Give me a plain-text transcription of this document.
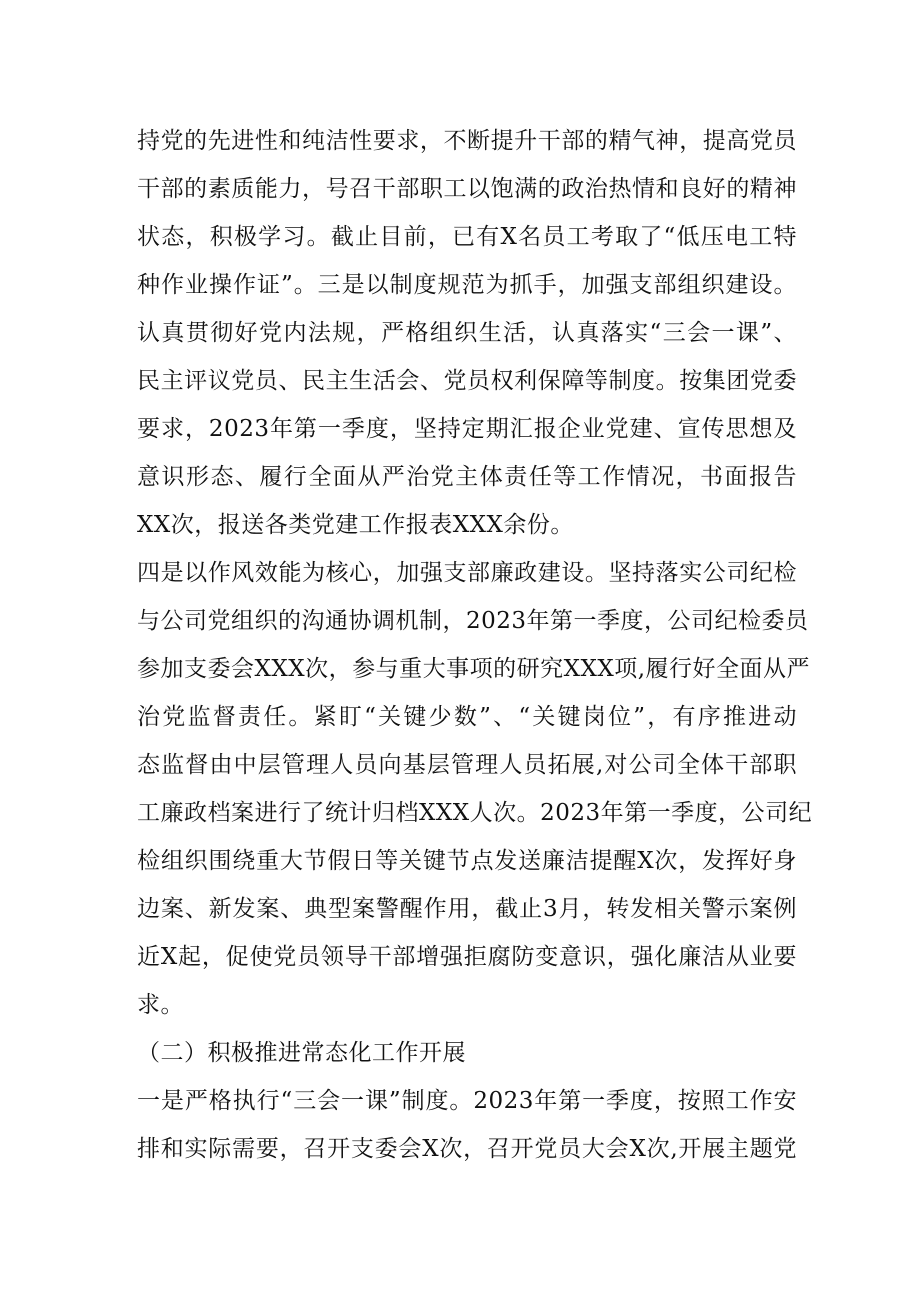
持党的先进性和纯洁性要求，不断提升干部的精气神，提高党员
干部的素质能力，号召干部职工以饱满的政治热情和良好的精神
状态，积极学习。截止目前，已有X名员工考取了“低压电工特
种作业操作证”。三是以制度规范为抓手，加强支部组织建设。
认真贯彻好党内法规，严格组织生活，认真落实“三会一课”、
民主评议党员、民主生活会、党员权利保障等制度。按集团党委
要求，2023年第一季度，坚持定期汇报企业党建、宣传思想及
意识形态、履行全面从严治党主体责任等工作情况，书面报告
XX次，报送各类党建工作报表XXX余份。
四是以作风效能为核心，加强支部廉政建设。坚持落实公司纪检
与公司党组织的沟通协调机制，2023年第一季度，公司纪检委员
参加支委会XXX次，参与重大事项的研究XXX项,履行好全面从严
治党监督责任。紧盯“关键少数”、“关键岗位”，有序推进动
态监督由中层管理人员向基层管理人员拓展,对公司全体干部职
工廉政档案进行了统计归档XXX人次。2023年第一季度，公司纪
检组织围绕重大节假日等关键节点发送廉洁提醒X次，发挥好身
边案、新发案、典型案警醒作用，截止3月，转发相关警示案例
近X起，促使党员领导干部增强拒腐防变意识，强化廉洁从业要
求。
（二）积极推进常态化工作开展
一是严格执行“三会一课”制度。2023年第一季度，按照工作安
排和实际需要，召开支委会X次，召开党员大会X次,开展主题党
